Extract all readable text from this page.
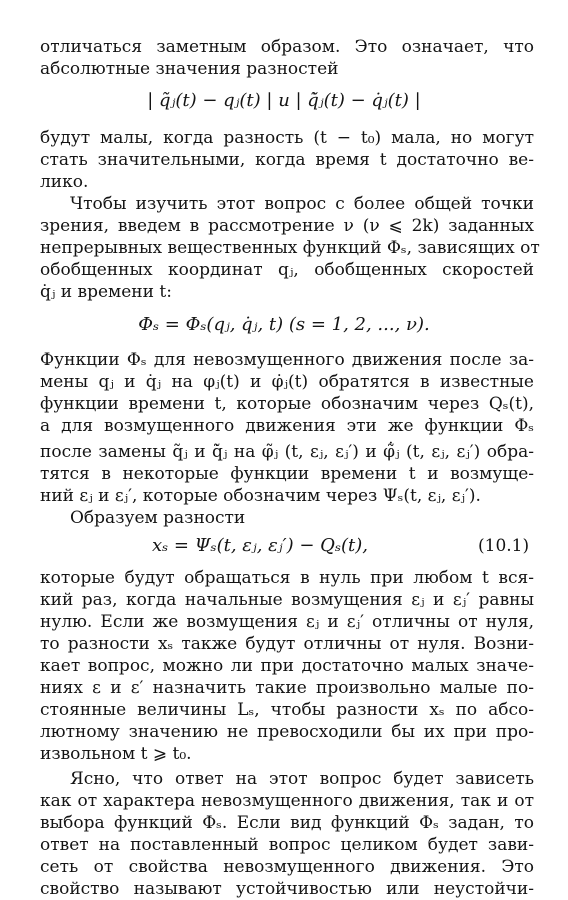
отличаться заметным образом. Это означает, что

абсолютные значения разностей

| q̃ⱼ(t) − qⱼ(t) | и | q̃̇ⱼ(t) − q̇ⱼ(t) |

будут малы, когда разность (t − t₀) мала, но могут

стать значительными, когда время t достаточно ве-

лико.

Чтобы изучить этот вопрос с более общей точки

зрения, введем в рассмотрение ν (ν ⩽ 2k) заданных

непрерывных вещественных функций Φₛ, зависящих от

обобщенных координат qⱼ, обобщенных скоростей

q̇ⱼ и времени t:

Φₛ = Φₛ(qⱼ, q̇ⱼ, t) (s = 1, 2, ..., ν).

Функции Φₛ для невозмущенного движения после за-

мены qⱼ и q̇ⱼ на φⱼ(t) и φ̇ⱼ(t) обратятся в известные

функции времени t, которые обозначим через Qₛ(t),

а для возмущенного движения эти же функции Φₛ

после замены q̃ⱼ и q̃̇ⱼ на φ̃ⱼ (t, εⱼ, εⱼ′) и φ̃̇ⱼ (t, εⱼ, εⱼ′) обра-

тятся в некоторые функции времени t и возмуще-

ний εⱼ и εⱼ′, которые обозначим через Ψₛ(t, εⱼ, εⱼ′).

Образуем разности

xₛ = Ψₛ(t, εⱼ, εⱼ′) − Qₛ(t),	(10.1)

которые будут обращаться в нуль при любом t вся-

кий раз, когда начальные возмущения εⱼ и εⱼ′ равны

нулю. Если же возмущения εⱼ и εⱼ′ отличны от нуля,

то разности xₛ также будут отличны от нуля. Возни-

кает вопрос, можно ли при достаточно малых значе-

ниях ε и ε′ назначить такие произвольно малые по-

стоянные величины Lₛ, чтобы разности xₛ по абсо-

лютному значению не превосходили бы их при про-

извольном t ⩾ t₀.

Ясно, что ответ на этот вопрос будет зависеть

как от характера невозмущенного движения, так и от

выбора функций Φₛ. Если вид функций Φₛ задан, то

ответ на поставленный вопрос целиком будет зави-

сеть от свойства невозмущенного движения. Это

свойство называют устойчивостью или неустойчи-
